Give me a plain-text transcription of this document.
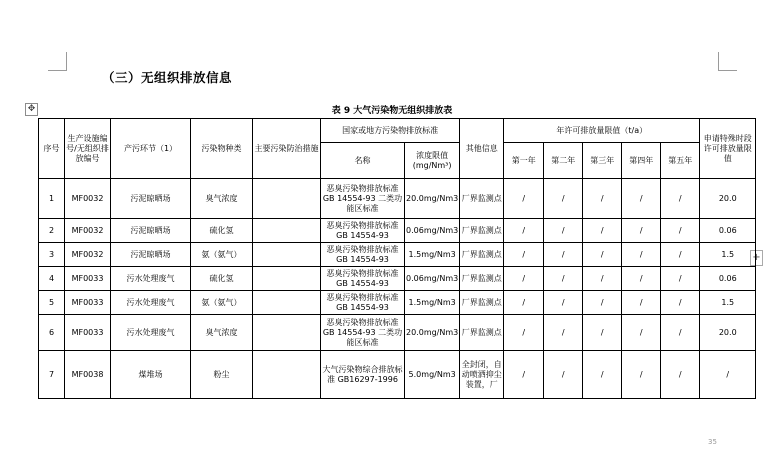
✥
+
（三）无组织排放信息
表 9 大气污染物无组织排放表
序号	生产设施编号/无组织排放编号	产污环节（1）	污染物种类	主要污染防治措施	国家或地方污染物排放标准		其他信息	年许可排放量限值（t/a）					申请特殊时段许可排放量限值
					名称	浓度限值(mg/Nm³)		第一年	第二年	第三年	第四年	第五年	
1	MF0032	污泥晾晒场	臭气浓度		恶臭污染物排放标准 GB 14554-93 二类功能区标准	20.0mg/Nm3	厂界监测点	/	/	/	/	/	20.0
2	MF0032	污泥晾晒场	硫化氢		恶臭污染物排放标准 GB 14554-93	0.06mg/Nm3	厂界监测点	/	/	/	/	/	0.06
3	MF0032	污泥晾晒场	氨（氨气）		恶臭污染物排放标准 GB 14554-93	1.5mg/Nm3	厂界监测点	/	/	/	/	/	1.5
4	MF0033	污水处理废气	硫化氢		恶臭污染物排放标准 GB 14554-93	0.06mg/Nm3	厂界监测点	/	/	/	/	/	0.06
5	MF0033	污水处理废气	氨（氨气）		恶臭污染物排放标准 GB 14554-93	1.5mg/Nm3	厂界监测点	/	/	/	/	/	1.5
6	MF0033	污水处理废气	臭气浓度		恶臭污染物排放标准 GB 14554-93 二类功能区标准	20.0mg/Nm3	厂界监测点	/	/	/	/	/	20.0
7	MF0038	煤堆场	粉尘		大气污染物综合排放标准 GB16297-1996	5.0mg/Nm3	全封闭，自动喷洒抑尘装置，厂	/	/	/	/	/	/
35
